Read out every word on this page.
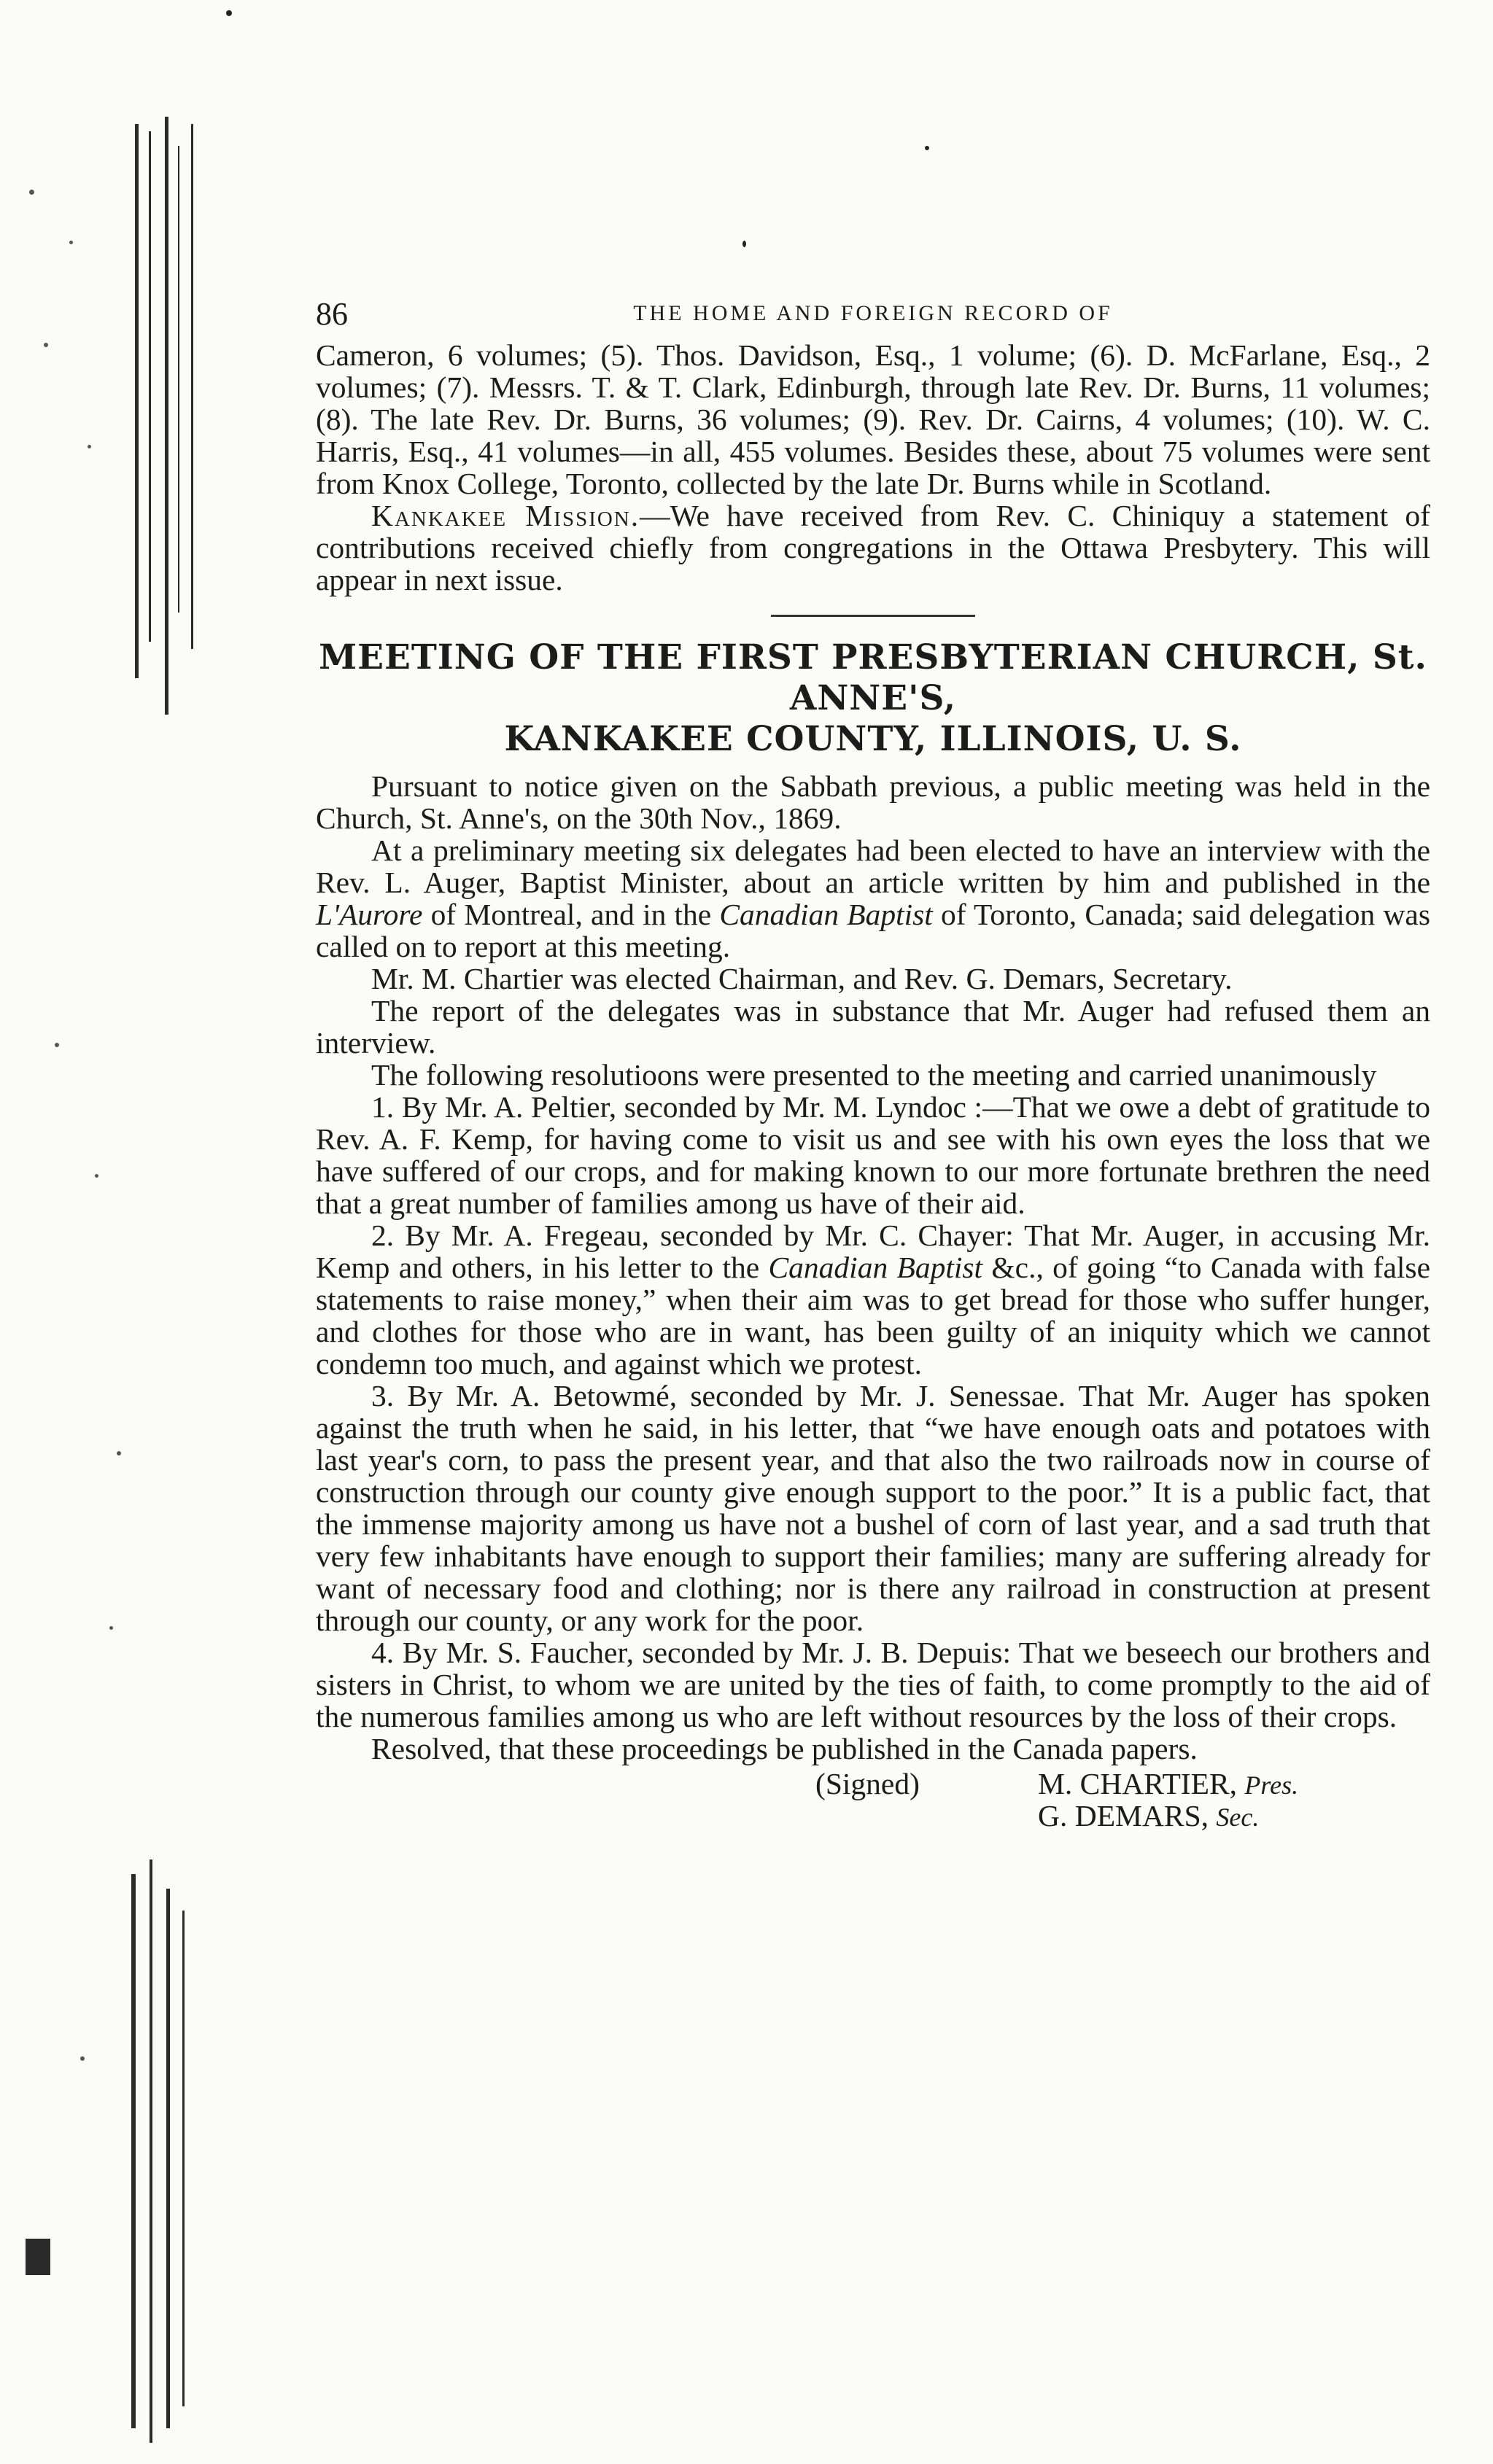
86	THE HOME AND FOREIGN RECORD OF

Cameron, 6 volumes; (5). Thos. Davidson, Esq., 1 volume; (6). D. McFarlane, Esq., 2 volumes; (7). Messrs. T. & T. Clark, Edinburgh, through late Rev. Dr. Burns, 11 volumes; (8). The late Rev. Dr. Burns, 36 volumes; (9). Rev. Dr. Cairns, 4 volumes; (10). W. C. Harris, Esq., 41 volumes—in all, 455 volumes. Besides these, about 75 volumes were sent from Knox College, Toronto, collected by the late Dr. Burns while in Scotland.

Kankakee Mission.—We have received from Rev. C. Chiniquy a statement of contributions received chiefly from congregations in the Ottawa Presbytery. This will appear in next issue.

MEETING OF THE FIRST PRESBYTERIAN CHURCH, St. ANNE'S,
KANKAKEE COUNTY, ILLINOIS, U. S.

Pursuant to notice given on the Sabbath previous, a public meeting was held in the Church, St. Anne's, on the 30th Nov., 1869.

At a preliminary meeting six delegates had been elected to have an interview with the Rev. L. Auger, Baptist Minister, about an article written by him and published in the L'Aurore of Montreal, and in the Canadian Baptist of Toronto, Canada; said delegation was called on to report at this meeting.

Mr. M. Chartier was elected Chairman, and Rev. G. Demars, Secretary.

The report of the delegates was in substance that Mr. Auger had refused them an interview.

The following resolutioons were presented to the meeting and carried unanimously

1. By Mr. A. Peltier, seconded by Mr. M. Lyndoc :—That we owe a debt of gratitude to Rev. A. F. Kemp, for having come to visit us and see with his own eyes the loss that we have suffered of our crops, and for making known to our more fortunate brethren the need that a great number of families among us have of their aid.

2. By Mr. A. Fregeau, seconded by Mr. C. Chayer: That Mr. Auger, in accusing Mr. Kemp and others, in his letter to the Canadian Baptist &c., of going “to Canada with false statements to raise money,” when their aim was to get bread for those who suffer hunger, and clothes for those who are in want, has been guilty of an iniquity which we cannot condemn too much, and against which we protest.

3. By Mr. A. Betowmé, seconded by Mr. J. Senessae. That Mr. Auger has spoken against the truth when he said, in his letter, that “we have enough oats and potatoes with last year's corn, to pass the present year, and that also the two railroads now in course of construction through our county give enough support to the poor.” It is a public fact, that the immense majority among us have not a bushel of corn of last year, and a sad truth that very few inhabitants have enough to support their families; many are suffering already for want of necessary food and clothing; nor is there any railroad in construction at present through our county, or any work for the poor.

4. By Mr. S. Faucher, seconded by Mr. J. B. Depuis: That we beseech our brothers and sisters in Christ, to whom we are united by the ties of faith, to come promptly to the aid of the numerous families among us who are left without resources by the loss of their crops.

Resolved, that these proceedings be published in the Canada papers.

(Signed)	M. CHARTIER, Pres.
G. DEMARS, Sec.
